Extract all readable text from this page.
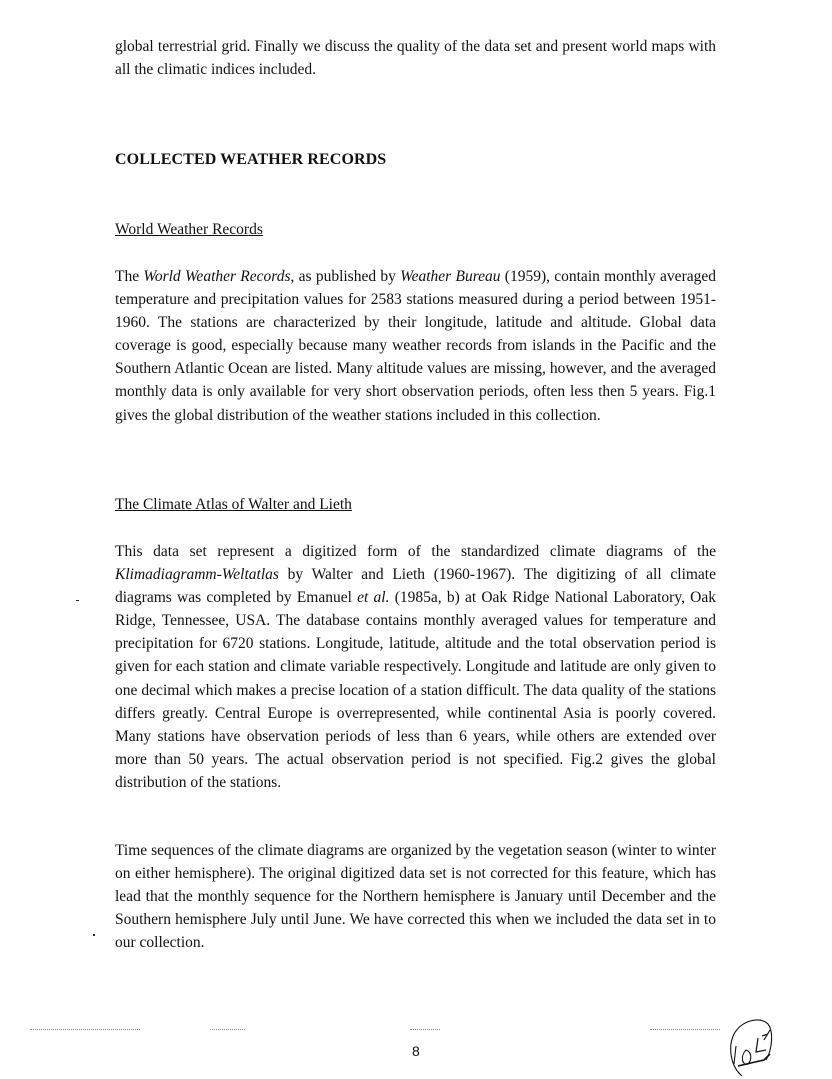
global terrestrial grid. Finally we discuss the quality of the data set and present world maps with all the climatic indices included.

COLLECTED WEATHER RECORDS
World Weather Records

The World Weather Records, as published by Weather Bureau (1959), contain monthly averaged temperature and precipitation values for 2583 stations measured during a period between 1951-1960. The stations are characterized by their longitude, latitude and altitude. Global data coverage is good, especially because many weather records from islands in the Pacific and the Southern Atlantic Ocean are listed. Many altitude values are missing, however, and the averaged monthly data is only available for very short observation periods, often less then 5 years. Fig.1 gives the global distribution of the weather stations included in this collection.

The Climate Atlas of Walter and Lieth

This data set represent a digitized form of the standardized climate diagrams of the Klimadiagramm-Weltatlas by Walter and Lieth (1960-1967). The digitizing of all climate diagrams was completed by Emanuel et al. (1985a, b) at Oak Ridge National Laboratory, Oak Ridge, Tennessee, USA. The database contains monthly averaged values for temperature and precipitation for 6720 stations. Longitude, latitude, altitude and the total observation period is given for each station and climate variable respectively. Longitude and latitude are only given to one decimal which makes a precise location of a station difficult. The data quality of the stations differs greatly. Central Europe is overrepresented, while continental Asia is poorly covered. Many stations have observation periods of less than 6 years, while others are extended over more than 50 years. The actual observation period is not specified. Fig.2 gives the global distribution of the stations.

Time sequences of the climate diagrams are organized by the vegetation season (winter to winter on either hemisphere). The original digitized data set is not corrected for this feature, which has lead that the monthly sequence for the Northern hemisphere is January until December and the Southern hemisphere July until June. We have corrected this when we included the data set in to our collection.

8
